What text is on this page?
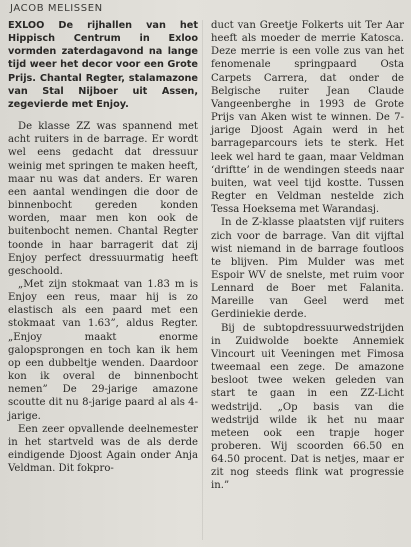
JACOB MELISSEN

EXLOO De rijhallen van het Hippisch Centrum in Exloo vormden zaterdagavond na lange tijd weer het decor voor een Grote Prijs. Chantal Regter, stalamazone van Stal Nijboer uit Assen, zegevierde met Enjoy.

De klasse ZZ was spannend met acht ruiters in de barrage. Er wordt wel eens gedacht dat dressuur weinig met springen te maken heeft, maar nu was dat anders. Er waren een aantal wendingen die door de binnenbocht gereden konden worden, maar men kon ook de buitenbocht nemen. Chantal Regter toonde in haar barragerit dat zij Enjoy perfect dressuurmatig heeft geschoold.

„Met zijn stokmaat van 1.83 m is Enjoy een reus, maar hij is zo elastisch als een paard met een stokmaat van 1.63”, aldus Regter. „Enjoy maakt enorme galopsprongen en toch kan ik hem op een dubbeltje wenden. Daardoor kon ik overal de binnenbocht nemen” De 29-jarige amazone scoutte dit nu 8-jarige paard al als 4-jarige.

Een zeer opvallende deelnemester in het startveld was de als derde eindigende Djoost Again onder Anja Veldman. Dit fokpro-

duct van Greetje Folkerts uit Ter Aar heeft als moeder de merrie Katosca. Deze merrie is een volle zus van het fenomenale springpaard Osta Carpets Carrera, dat onder de Belgische ruiter Jean Claude Vangeenberghe in 1993 de Grote Prijs van Aken wist te winnen. De 7-jarige Djoost Again werd in het barrageparcours iets te sterk. Het leek wel hard te gaan, maar Veldman ‘driftte’ in de wendingen steeds naar buiten, wat veel tijd kostte. Tussen Regter en Veldman nestelde zich Tessa Hoeksema met Warandasj.

In de Z-klasse plaatsten vijf ruiters zich voor de barrage. Van dit vijftal wist niemand in de barrage foutloos te blijven. Pim Mulder was met Espoir WV de snelste, met ruim voor Lennard de Boer met Falanita. Mareille van Geel werd met Gerdiniekie derde.

Bij de subtopdressuurwedstrijden in Zuidwolde boekte Annemiek Vincourt uit Veeningen met Fimosa tweemaal een zege. De amazone besloot twee weken geleden van start te gaan in een ZZ-Licht wedstrijd. „Op basis van die wedstrijd wilde ik het nu maar meteen ook een trapje hoger proberen. Wij scoorden 66.50 en 64.50 procent. Dat is netjes, maar er zit nog steeds flink wat progressie in.”
